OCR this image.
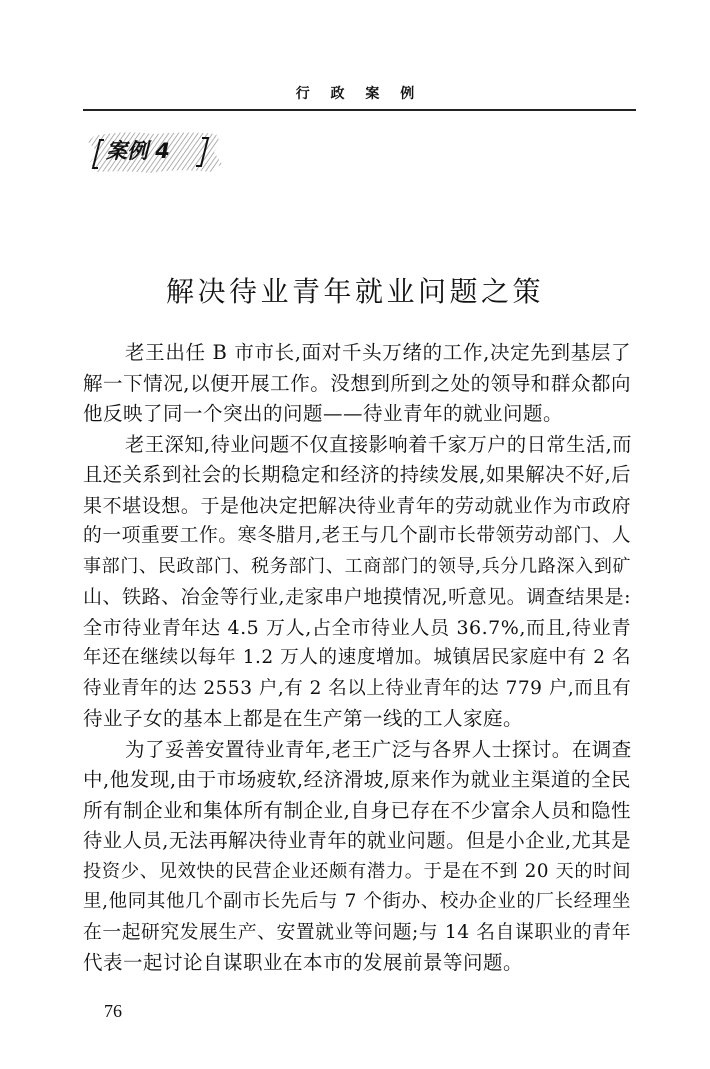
行 政 案 例
案例 4
解决待业青年就业问题之策
老王出任 B 市市长,面对千头万绪的工作,决定先到基层了
解一下情况,以便开展工作。没想到所到之处的领导和群众都向
他反映了同一个突出的问题——待业青年的就业问题。
老王深知,待业问题不仅直接影响着千家万户的日常生活,而
且还关系到社会的长期稳定和经济的持续发展,如果解决不好,后
果不堪设想。于是他决定把解决待业青年的劳动就业作为市政府
的一项重要工作。寒冬腊月,老王与几个副市长带领劳动部门、人
事部门、民政部门、税务部门、工商部门的领导,兵分几路深入到矿
山、铁路、冶金等行业,走家串户地摸情况,听意见。调查结果是:
全市待业青年达 4.5 万人,占全市待业人员 36.7%,而且,待业青
年还在继续以每年 1.2 万人的速度增加。城镇居民家庭中有 2 名
待业青年的达 2553 户,有 2 名以上待业青年的达 779 户,而且有
待业子女的基本上都是在生产第一线的工人家庭。
为了妥善安置待业青年,老王广泛与各界人士探讨。在调查
中,他发现,由于市场疲软,经济滑坡,原来作为就业主渠道的全民
所有制企业和集体所有制企业,自身已存在不少富余人员和隐性
待业人员,无法再解决待业青年的就业问题。但是小企业,尤其是
投资少、见效快的民营企业还颇有潜力。于是在不到 20 天的时间
里,他同其他几个副市长先后与 7 个街办、校办企业的厂长经理坐
在一起研究发展生产、安置就业等问题;与 14 名自谋职业的青年
代表一起讨论自谋职业在本市的发展前景等问题。
76
